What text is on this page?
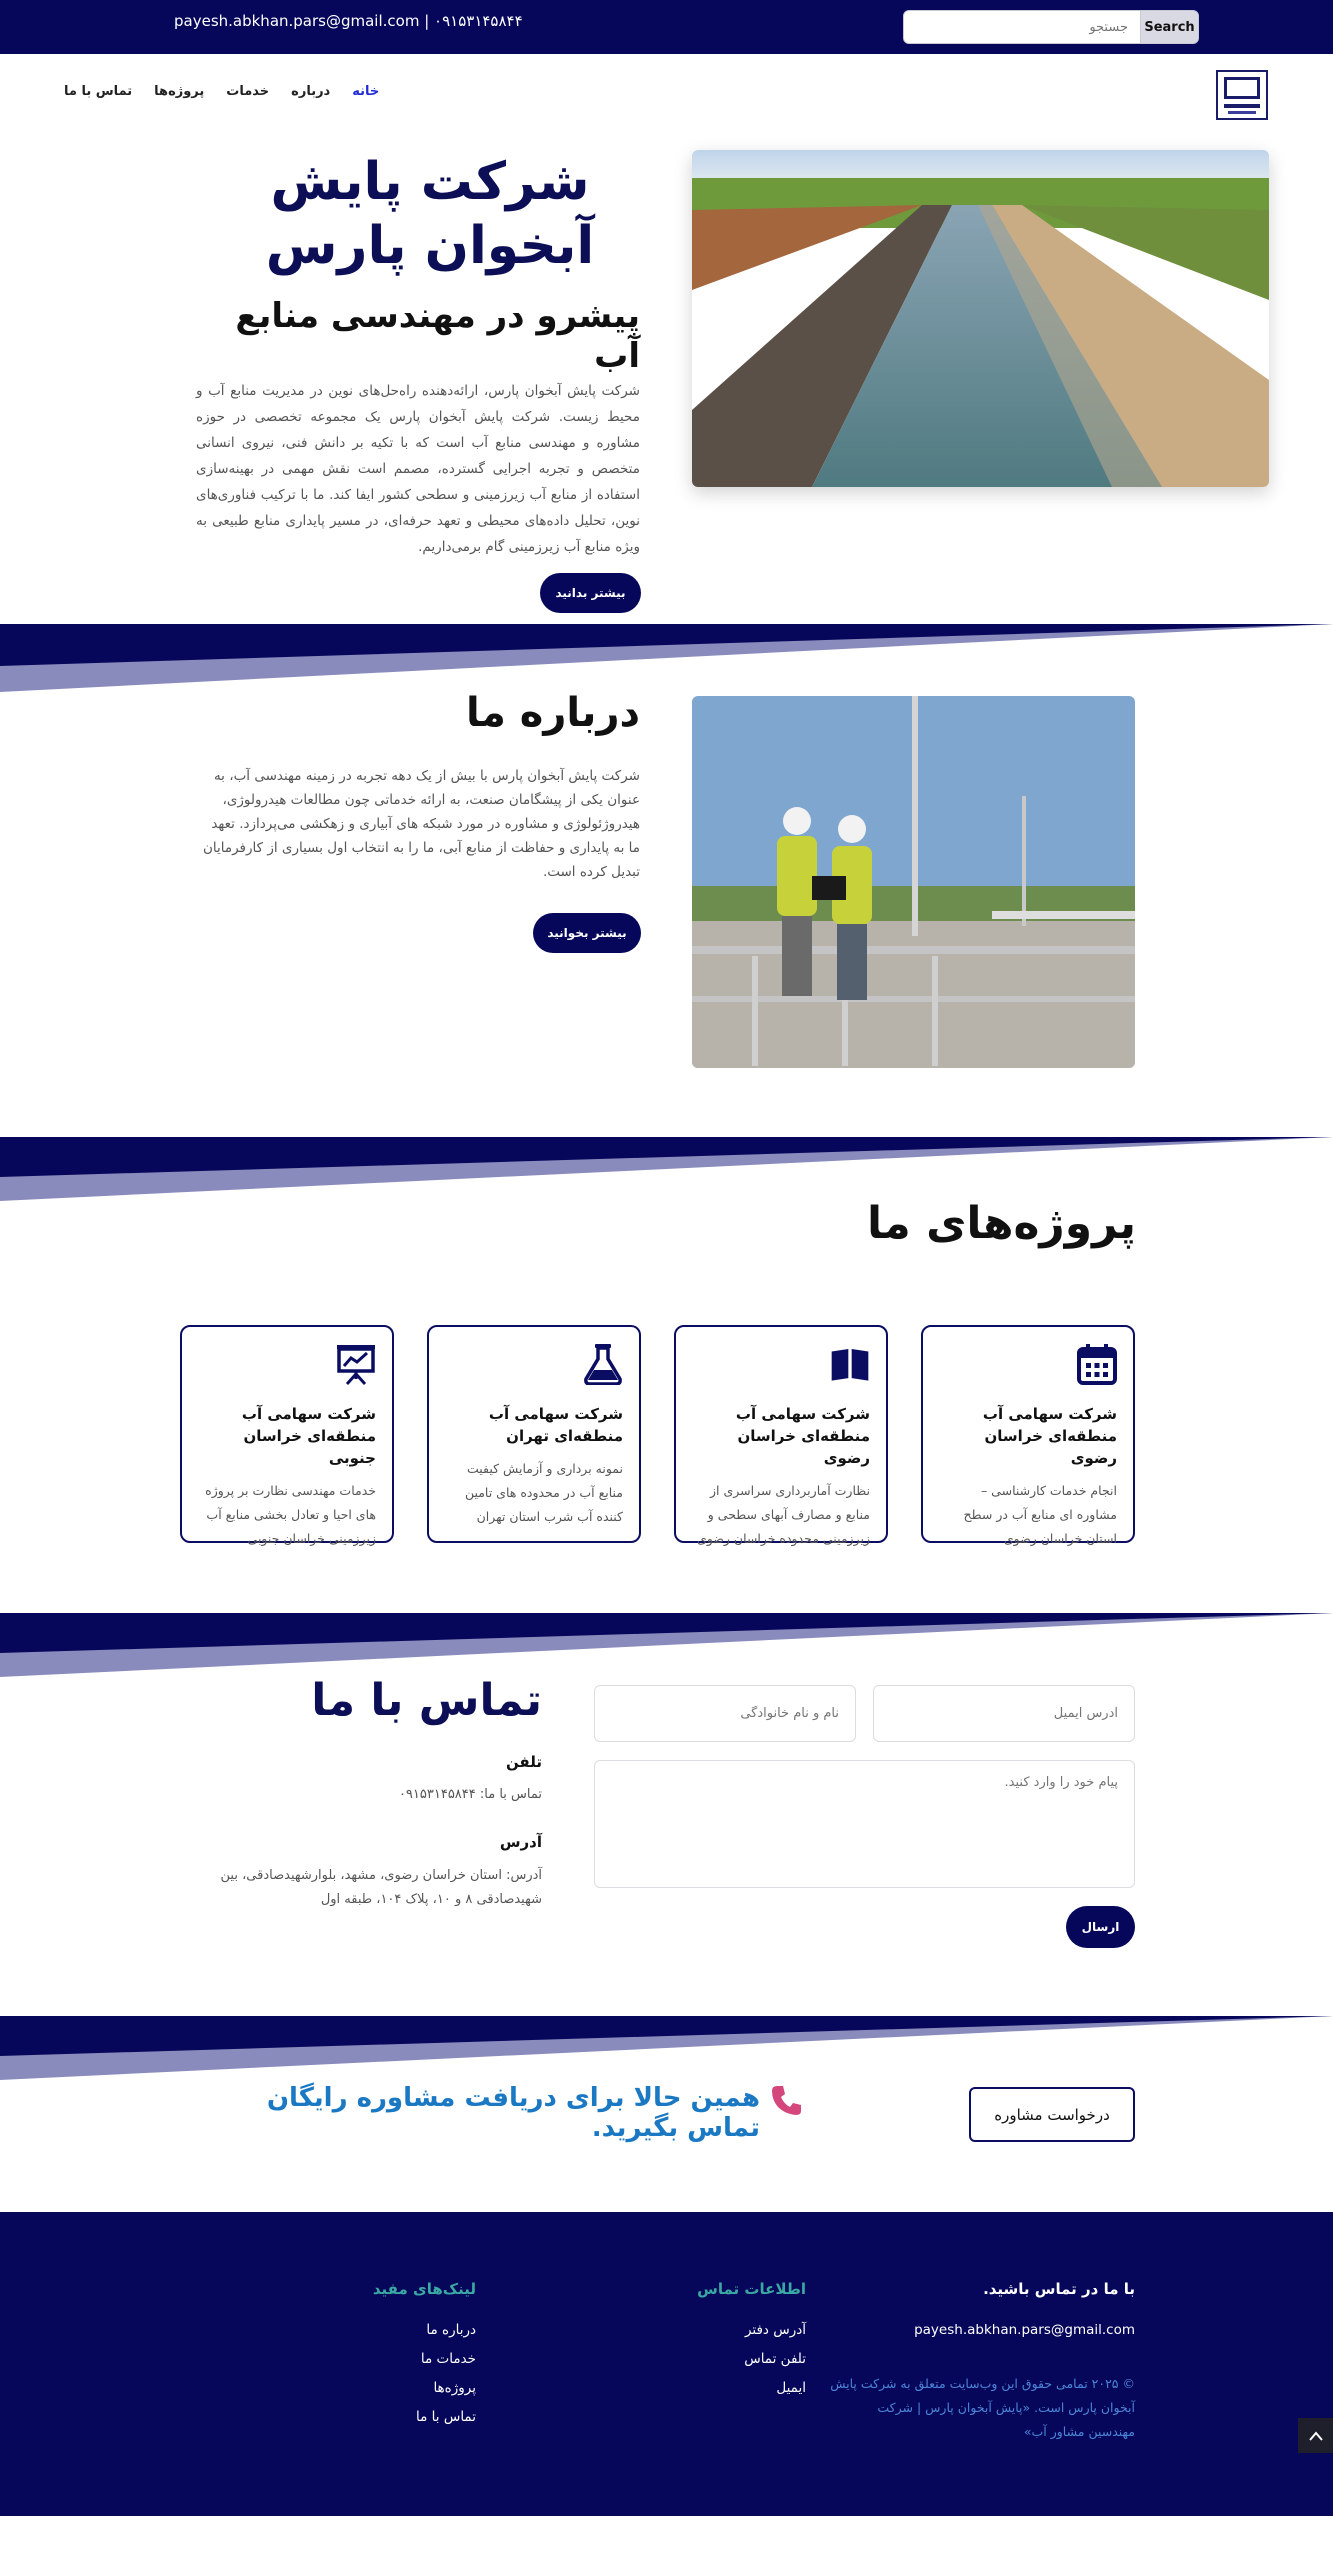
payesh.abkhan.pars@gmail.com | ۰۹۱۵۳۱۴۵۸۴۴
جستجو	Search
خانه
درباره
خدمات
پروژه‌ها
تماس با ما
شرکت پایش آبخوان پارس
پیشرو در مهندسی منابع آب
شرکت پایش آبخوان پارس، ارائه‌دهنده راه‌حل‌های نوین در مدیریت منابع آب و محیط زیست. شرکت پایش آبخوان پارس یک مجموعه تخصصی در حوزه مشاوره و مهندسی منابع آب است که با تکیه بر دانش فنی، نیروی انسانی متخصص و تجربه اجرایی گسترده، مصمم است نقش مهمی در بهینه‌سازی استفاده از منابع آب زیرزمینی و سطحی کشور ایفا کند. ما با ترکیب فناوری‌های نوین، تحلیل داده‌های محیطی و تعهد حرفه‌ای، در مسیر پایداری منابع طبیعی به ویژه منابع آب زیرزمینی گام برمی‌داریم.
بیشتر بدانید
درباره ما
شرکت پایش آبخوان پارس با بیش از یک دهه تجربه در زمینه مهندسی آب، به عنوان یکی از پیشگامان صنعت، به ارائه خدماتی چون مطالعات هیدرولوژی، هیدروژئولوژی و مشاوره در مورد شبکه های آبیاری و زهکشی می‌پردازد. تعهد ما به پایداری و حفاظت از منابع آبی، ما را به انتخاب اول بسیاری از کارفرمایان تبدیل کرده است.
بیشتر بخوانید
پروژه‌های ما
شرکت سهامی آب منطقه‌ای خراسان رضوی
انجام خدمات کارشناسی – مشاوره ای منابع آب در سطح استان خراسان رضوی
شرکت سهامی آب منطقه‌ای خراسان رضوی
نظارت آماربرداری سراسری از منابع و مصارف آبهای سطحی و زیرزمینی محدوده خراسان رضوی
شرکت سهامی آب منطقه‌ای تهران
نمونه برداری و آزمایش کیفیت منابع آب در محدوده های تامین کننده آب شرب استان تهران
شرکت سهامی آب منطقه‌ای خراسان جنوبی
خدمات مهندسی نظارت بر پروژه های احیا و تعادل بخشی منابع آب زیرزمینی خراسان جنوبی
تماس با ما
تلفن
تماس با ما: ۰۹۱۵۳۱۴۵۸۴۴
آدرس
آدرس: استان خراسان رضوی، مشهد، بلوارشهیدصادقی، بین شهیدصادقی ۸ و ۱۰، پلاک ۱۰۴، طبقه اول
آدرس ایمیل
نام و نام خانوادگی
پیام خود را وارد کنید.
ارسال
همین حالا برای دریافت مشاوره رایگان تماس بگیرید.	درخواست مشاوره
با ما در تماس باشید.
payesh.abkhan.pars@gmail.com
© ۲۰۲۵ تمامی حقوق این وب‌سایت متعلق به شرکت پایش آبخوان پارس است. «پایش آبخوان پارس | شرکت مهندسین مشاور آب»
اطلاعات تماس
آدرس دفتر
تلفن تماس
ایمیل
لینک‌های مفید
درباره ما
خدمات ما
پروژه‌ها
تماس با ما
